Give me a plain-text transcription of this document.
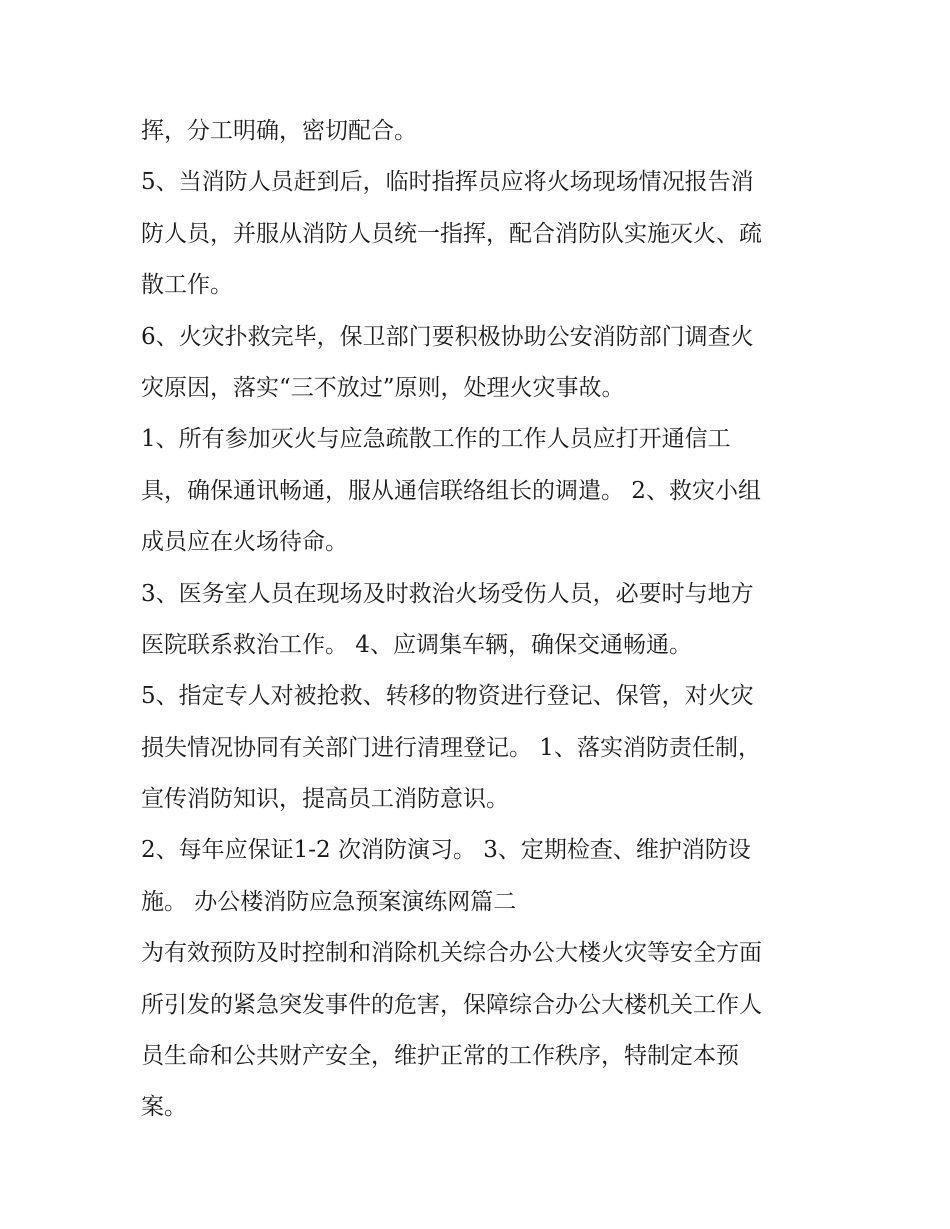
挥，分工明确，密切配合。
5、当消防人员赶到后，临时指挥员应将火场现场情况报告消
防人员，并服从消防人员统一指挥，配合消防队实施灭火、疏
散工作。
6、火灾扑救完毕，保卫部门要积极协助公安消防部门调查火
灾原因，落实“三不放过”原则，处理火灾事故。
1、所有参加灭火与应急疏散工作的工作人员应打开通信工
具，确保通讯畅通，服从通信联络组长的调遣。 2、救灾小组
成员应在火场待命。
3、医务室人员在现场及时救治火场受伤人员，必要时与地方
医院联系救治工作。 4、应调集车辆，确保交通畅通。
5、指定专人对被抢救、转移的物资进行登记、保管，对火灾
损失情况协同有关部门进行清理登记。 1、落实消防责任制，
宣传消防知识，提高员工消防意识。
2、每年应保证1-2 次消防演习。 3、定期检查、维护消防设
施。 办公楼消防应急预案演练网篇二
为有效预防及时控制和消除机关综合办公大楼火灾等安全方面
所引发的紧急突发事件的危害，保障综合办公大楼机关工作人
员生命和公共财产安全，维护正常的工作秩序，特制定本预
案。
